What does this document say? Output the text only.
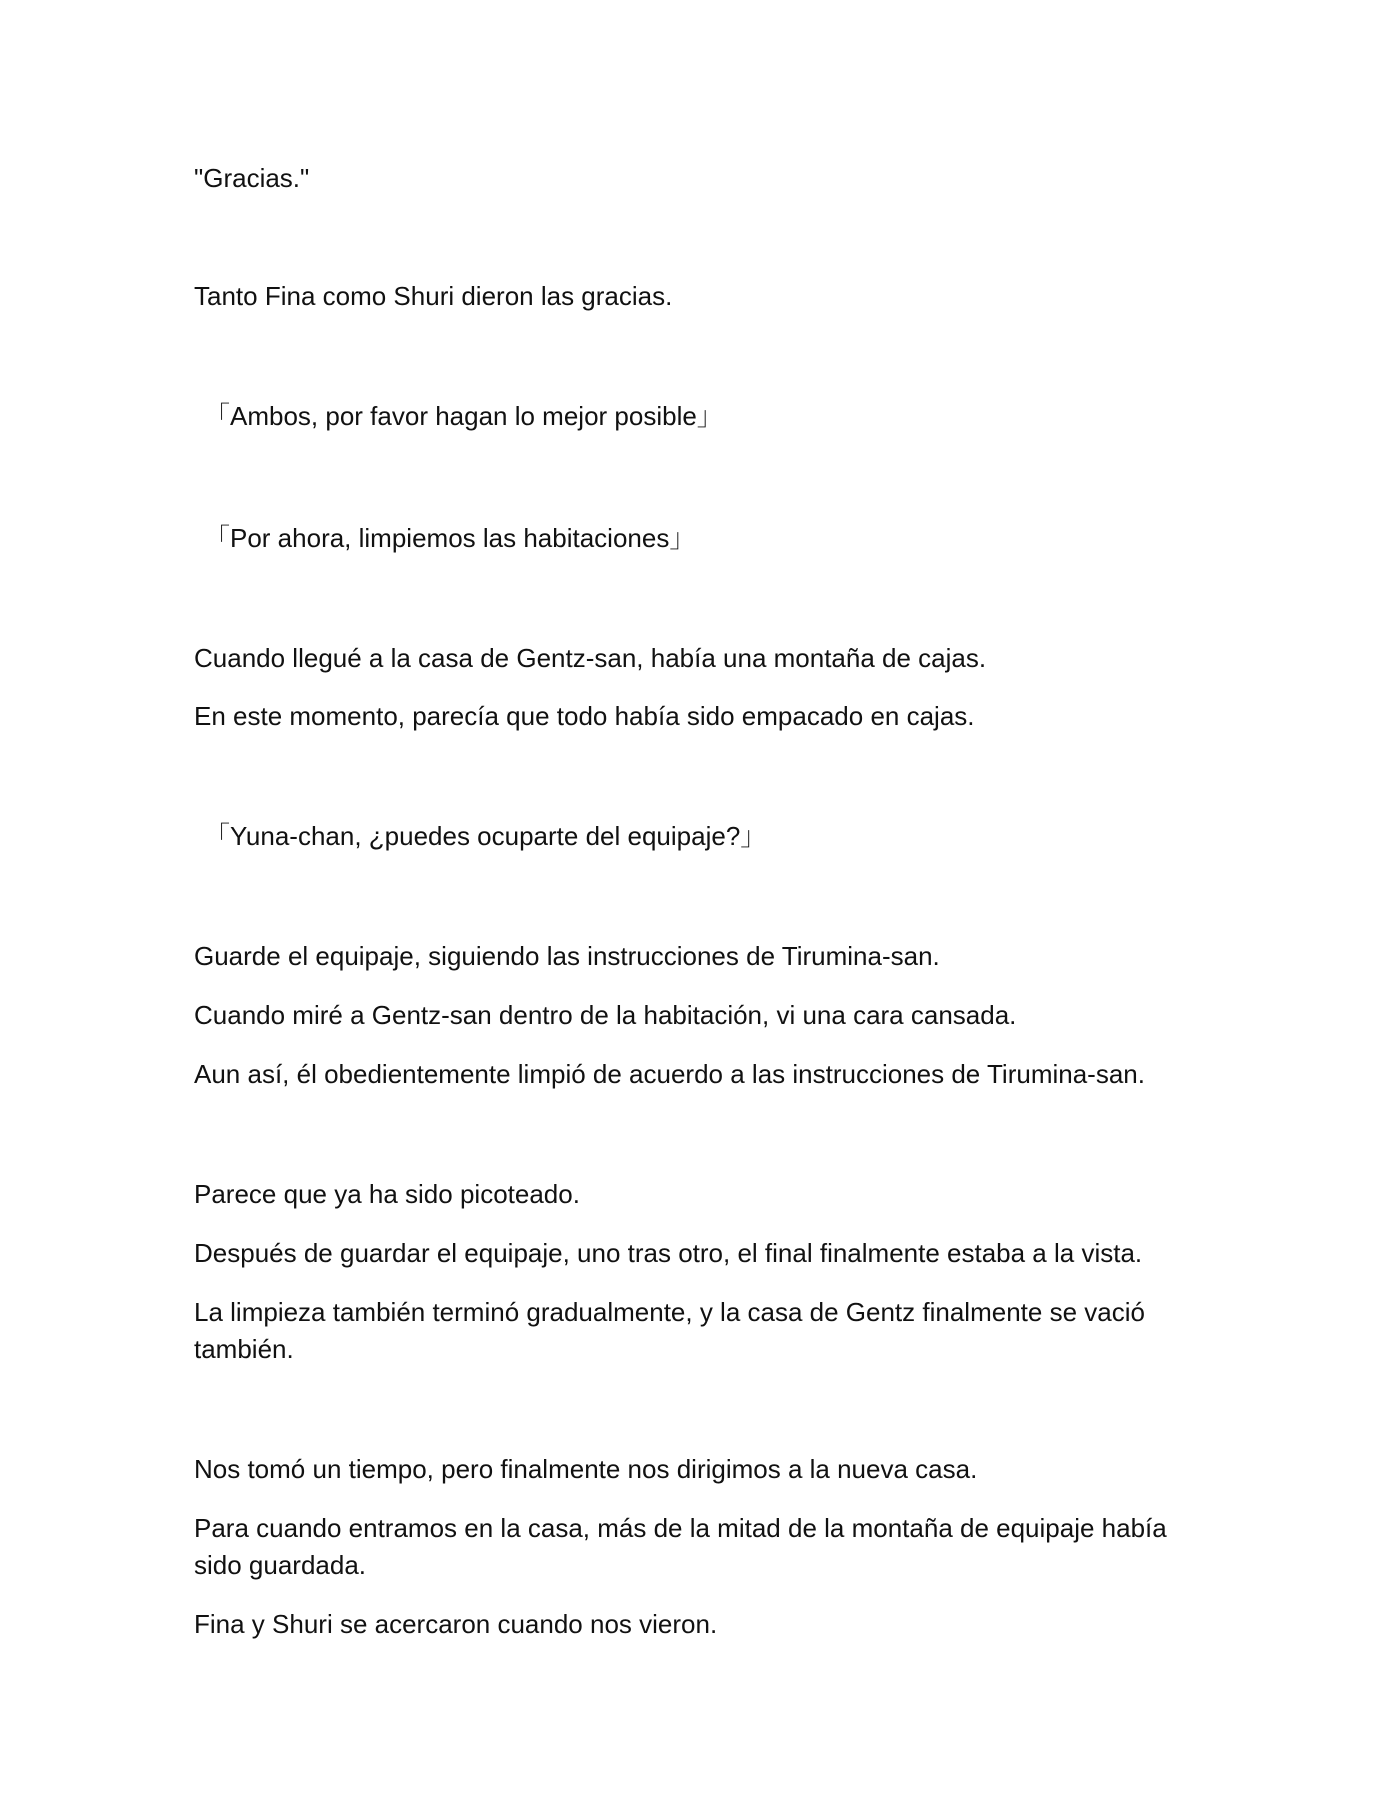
"Gracias."

Tanto Fina como Shuri dieron las gracias.

「Ambos, por favor hagan lo mejor posible」

「Por ahora, limpiemos las habitaciones」

Cuando llegué a la casa de Gentz-san, había una montaña de cajas.

En este momento, parecía que todo había sido empacado en cajas.

「Yuna-chan, ¿puedes ocuparte del equipaje?」

Guarde el equipaje, siguiendo las instrucciones de Tirumina-san.

Cuando miré a Gentz-san dentro de la habitación, vi una cara cansada.

Aun así, él obedientemente limpió de acuerdo a las instrucciones de Tirumina-san.

Parece que ya ha sido picoteado.

Después de guardar el equipaje, uno tras otro, el final finalmente estaba a la vista.

La limpieza también terminó gradualmente, y la casa de Gentz finalmente se vació también.

Nos tomó un tiempo, pero finalmente nos dirigimos a la nueva casa.

Para cuando entramos en la casa, más de la mitad de la montaña de equipaje había sido guardada.

Fina y Shuri se acercaron cuando nos vieron.
